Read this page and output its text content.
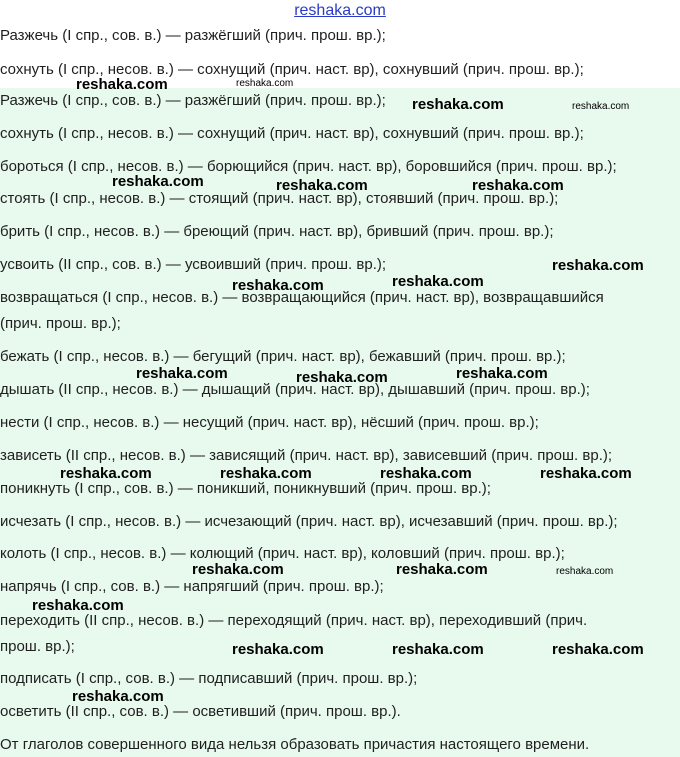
reshaka.com
Разжечь (I спр., сов. в.) — разжёгший (прич. прош. вр.);
сохнуть (I спр., несов. в.) — сохнущий (прич. наст. вр), сохнувший (прич. прош. вр.);
Разжечь (I спр., сов. в.) — разжёгший (прич. прош. вр.);
сохнуть (I спр., несов. в.) — сохнущий (прич. наст. вр), сохнувший (прич. прош. вр.);
бороться (I спр., несов. в.) — борющийся (прич. наст. вр), боровшийся (прич. прош. вр.);
стоять (I спр., несов. в.) — стоящий (прич. наст. вр), стоявший (прич. прош. вр.);
брить (I спр., несов. в.) — бреющий (прич. наст. вр), бривший (прич. прош. вр.);
усвоить (II спр., сов. в.) — усвоивший (прич. прош. вр.);
возвращаться (I спр., несов. в.) — возвращающийся (прич. наст. вр), возвращавшийся
(прич. прош. вр.);
бежать (I спр., несов. в.) — бегущий (прич. наст. вр), бежавший (прич. прош. вр.);
дышать (II спр., несов. в.) — дышащий (прич. наст. вр), дышавший (прич. прош. вр.);
нести (I спр., несов. в.) — несущий (прич. наст. вр), нёсший (прич. прош. вр.);
зависеть (II спр., несов. в.) — зависящий (прич. наст. вр), зависевший (прич. прош. вр.);
поникнуть (I спр., сов. в.) — поникший, поникнувший (прич. прош. вр.);
исчезать (I спр., несов. в.) — исчезающий (прич. наст. вр), исчезавший (прич. прош. вр.);
колоть (I спр., несов. в.) — колющий (прич. наст. вр), коловший (прич. прош. вр.);
напрячь (I спр., сов. в.) — напрягший (прич. прош. вр.);
переходить (II спр., несов. в.) — переходящий (прич. наст. вр), переходивший (прич.
прош. вр.);
подписать (I спр., сов. в.) — подписавший (прич. прош. вр.);
осветить (II спр., сов. в.) — осветивший (прич. прош. вр.).
От глаголов совершенного вида нельзя образовать причастия настоящего времени.
reshaka.com	reshaka.com
reshaka.com	reshaka.com
reshaka.com	reshaka.com	reshaka.com
reshaka.com
reshaka.com
reshaka.com
reshaka.com	reshaka.com
reshaka.com
reshaka.com	reshaka.com	reshaka.com	reshaka.com
reshaka.com	reshaka.com	reshaka.com
reshaka.com
reshaka.com	reshaka.com	reshaka.com
reshaka.com
